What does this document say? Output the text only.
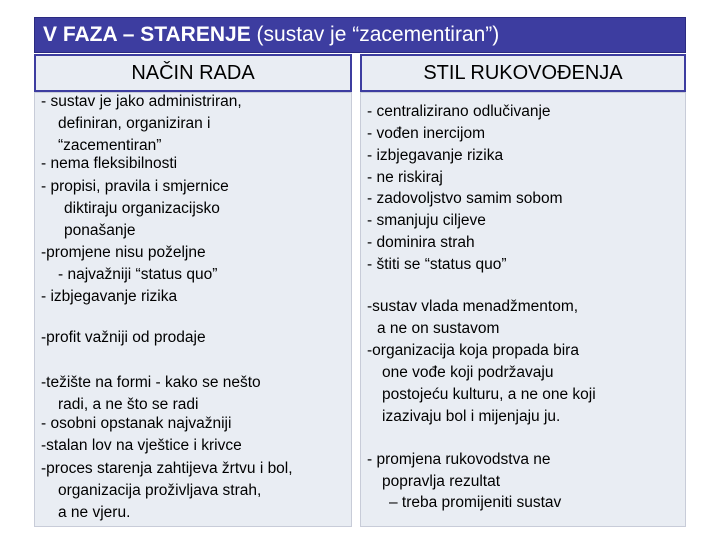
V FAZA – STARENJE (sustav je “zacementiran”)
NAČIN RADA	STIL RUKOVOĐENJA
- sustav je jako administriran,
definiran, organiziran i
“zacementiran”
- nema fleksibilnosti
- propisi, pravila i smjernice
diktiraju organizacijsko
ponašanje
-promjene nisu poželjne
- najvažniji “status quo”
- izbjegavanje rizika
-profit važniji od prodaje
-težište na formi - kako se nešto
radi, a ne što se radi
- osobni opstanak najvažniji
-stalan lov na vještice i krivce
-proces starenja zahtijeva žrtvu i bol,
organizacija proživljava strah,
a ne vjeru.
- centralizirano odlučivanje
- vođen inercijom
- izbjegavanje rizika
- ne riskiraj
- zadovoljstvo samim sobom
- smanjuju ciljeve
- dominira strah
- štiti se “status quo”
-sustav vlada menadžmentom,
a ne on sustavom
-organizacija koja propada bira
one vođe koji podržavaju
postojeću kulturu, a ne one koji
izazivaju bol i mijenjaju ju.
- promjena rukovodstva ne
popravlja rezultat
– treba promijeniti sustav
